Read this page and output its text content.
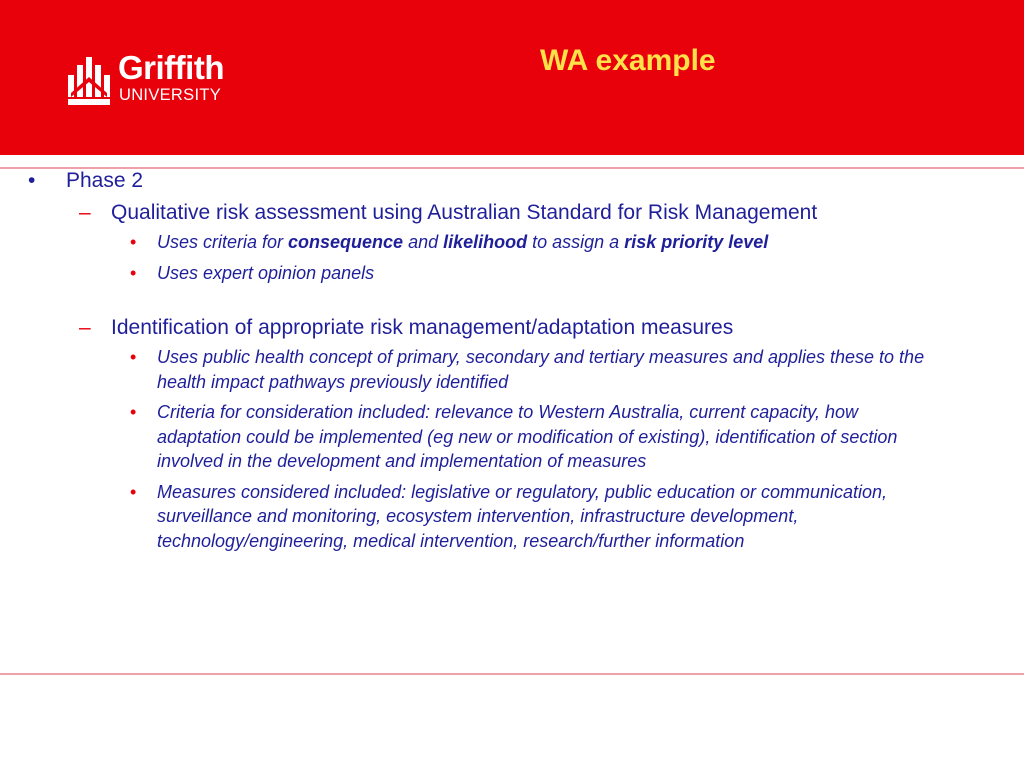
Griffith
UNIVERSITY
WA example
• Phase 2
– Qualitative risk assessment using Australian Standard for Risk Management
• Uses criteria for consequence and likelihood to assign a risk priority level
• Uses expert opinion panels
– Identification of appropriate risk management/adaptation measures
• Uses public health concept of primary, secondary and tertiary measures and applies these to the health impact pathways previously identified
• Criteria for consideration included: relevance to Western Australia, current capacity, how adaptation could be implemented (eg new or modification of existing), identification of section involved in the development and implementation of measures
• Measures considered included: legislative or regulatory, public education or communication, surveillance and monitoring, ecosystem intervention, infrastructure development, technology/engineering, medical intervention, research/further information
